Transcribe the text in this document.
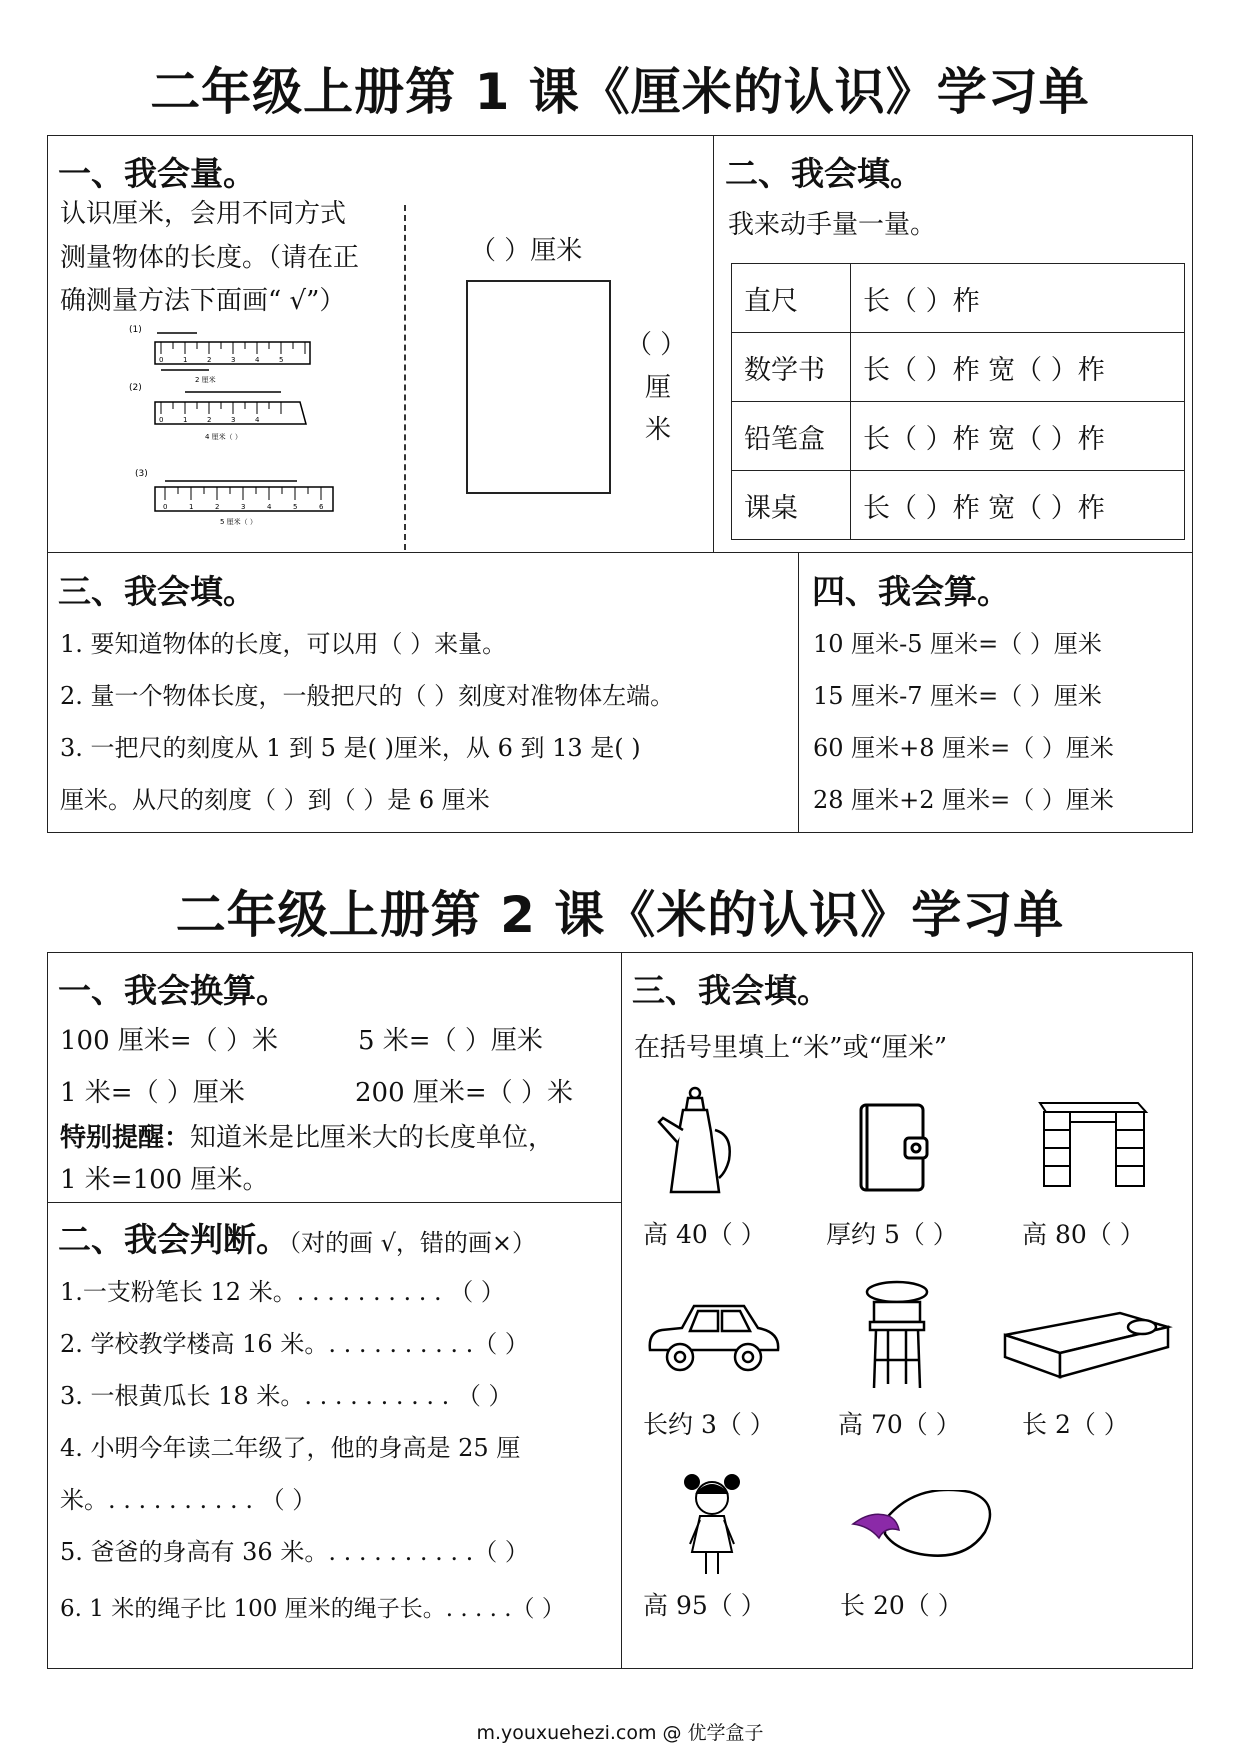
二年级上册第 1 课《厘米的认识》学习单
一、我会量。
认识厘米，会用不同方式
测量物体的长度。（请在正
确测量方法下面画“ √”）
(1)
0	1	2	3	4	5
2 厘米
(2)
0	1	2	3	4
4 厘米（ ）
(3)
0	1	2	3	4	5	6
5 厘米（ ）
（ ）厘米
（ ）
厘
米
二、我会填。
我来动手量一量。
直尺	长（ ）柞
数学书	长（ ）柞 宽（ ）柞
铅笔盒	长（ ）柞 宽（ ）柞
课桌	长（ ）柞 宽（ ）柞
三、我会填。
1. 要知道物体的长度，可以用（ ）来量。
2. 量一个物体长度，一般把尺的（ ）刻度对准物体左端。
3. 一把尺的刻度从 1 到 5 是( )厘米，从 6 到 13 是( )
厘米。从尺的刻度（ ）到（ ）是 6 厘米
四、我会算。
10 厘米-5 厘米=（ ）厘米
15 厘米-7 厘米=（ ）厘米
60 厘米+8 厘米=（ ）厘米
28 厘米+2 厘米=（ ）厘米
二年级上册第 2 课《米的认识》学习单
一、我会换算。
100 厘米=（ ）米	5 米=（ ）厘米
1 米=（ ）厘米	200 厘米=（ ）米
特别提醒：知道米是比厘米大的长度单位，
1 米=100 厘米。
二、我会判断。（对的画 √，错的画×）
1.一支粉笔长 12 米。. . . . . . . . . . （ ）
2. 学校教学楼高 16 米。. . . . . . . . . .（ ）
3. 一根黄瓜长 18 米。. . . . . . . . . . （ ）
4. 小明今年读二年级了，他的身高是 25 厘
米。. . . . . . . . . . （ ）
5. 爸爸的身高有 36 米。. . . . . . . . . .（ ）
6. 1 米的绳子比 100 厘米的绳子长。. . . . .（ ）
三、我会填。
在括号里填上“米”或“厘米”
高 40（ ） 厚约 5（ ）	高 80（ ）
长约 3（ ）	高 70（ ） 长 2（ ）
高 95（ ）	长 20（ ）
m.youxuehezi.com @ 优学盒子
